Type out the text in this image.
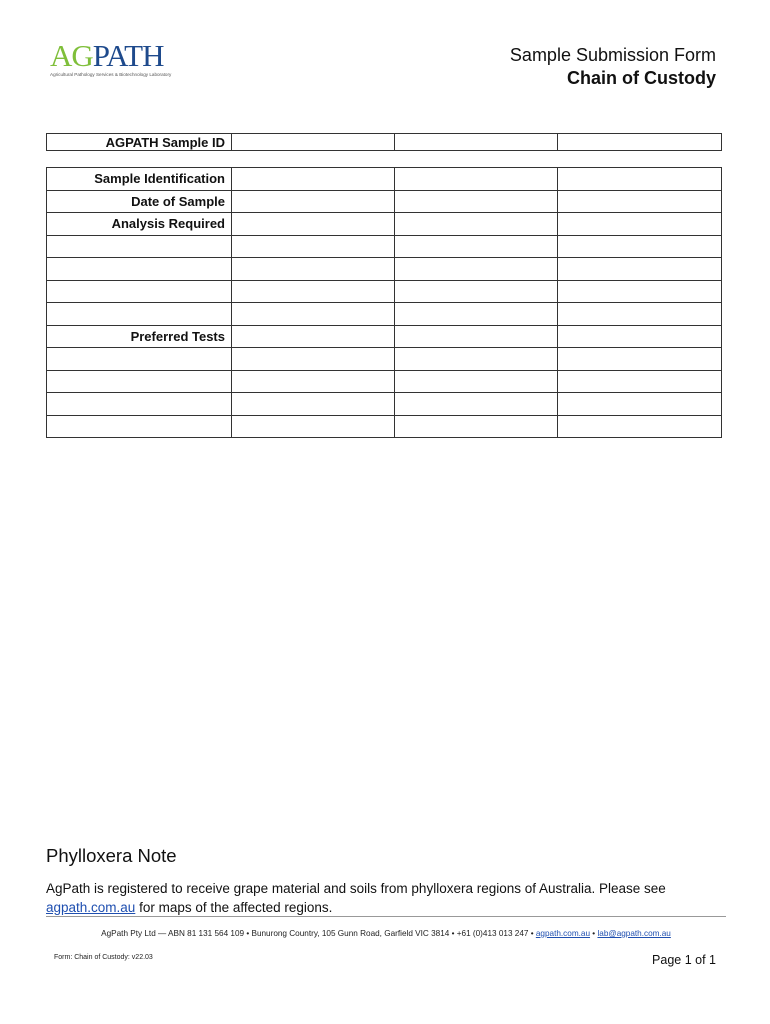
AGPATH
Agricultural Pathology Services & Biotechnology Laboratory
Sample Submission Form
Chain of Custody
AGPATH Sample ID			
Sample Identification			
Date of Sample			
Analysis Required			

Preferred Tests			

Phylloxera Note
AgPath is registered to receive grape material and soils from phylloxera regions of Australia. Please see agpath.com.au for maps of the affected regions.
AgPath Pty Ltd — ABN 81 131 564 109 • Bunurong Country, 105 Gunn Road, Garfield VIC 3814 • +61 (0)413 013 247 • agpath.com.au • lab@agpath.com.au
Form: Chain of Custody: v22.03	Page 1 of 1
